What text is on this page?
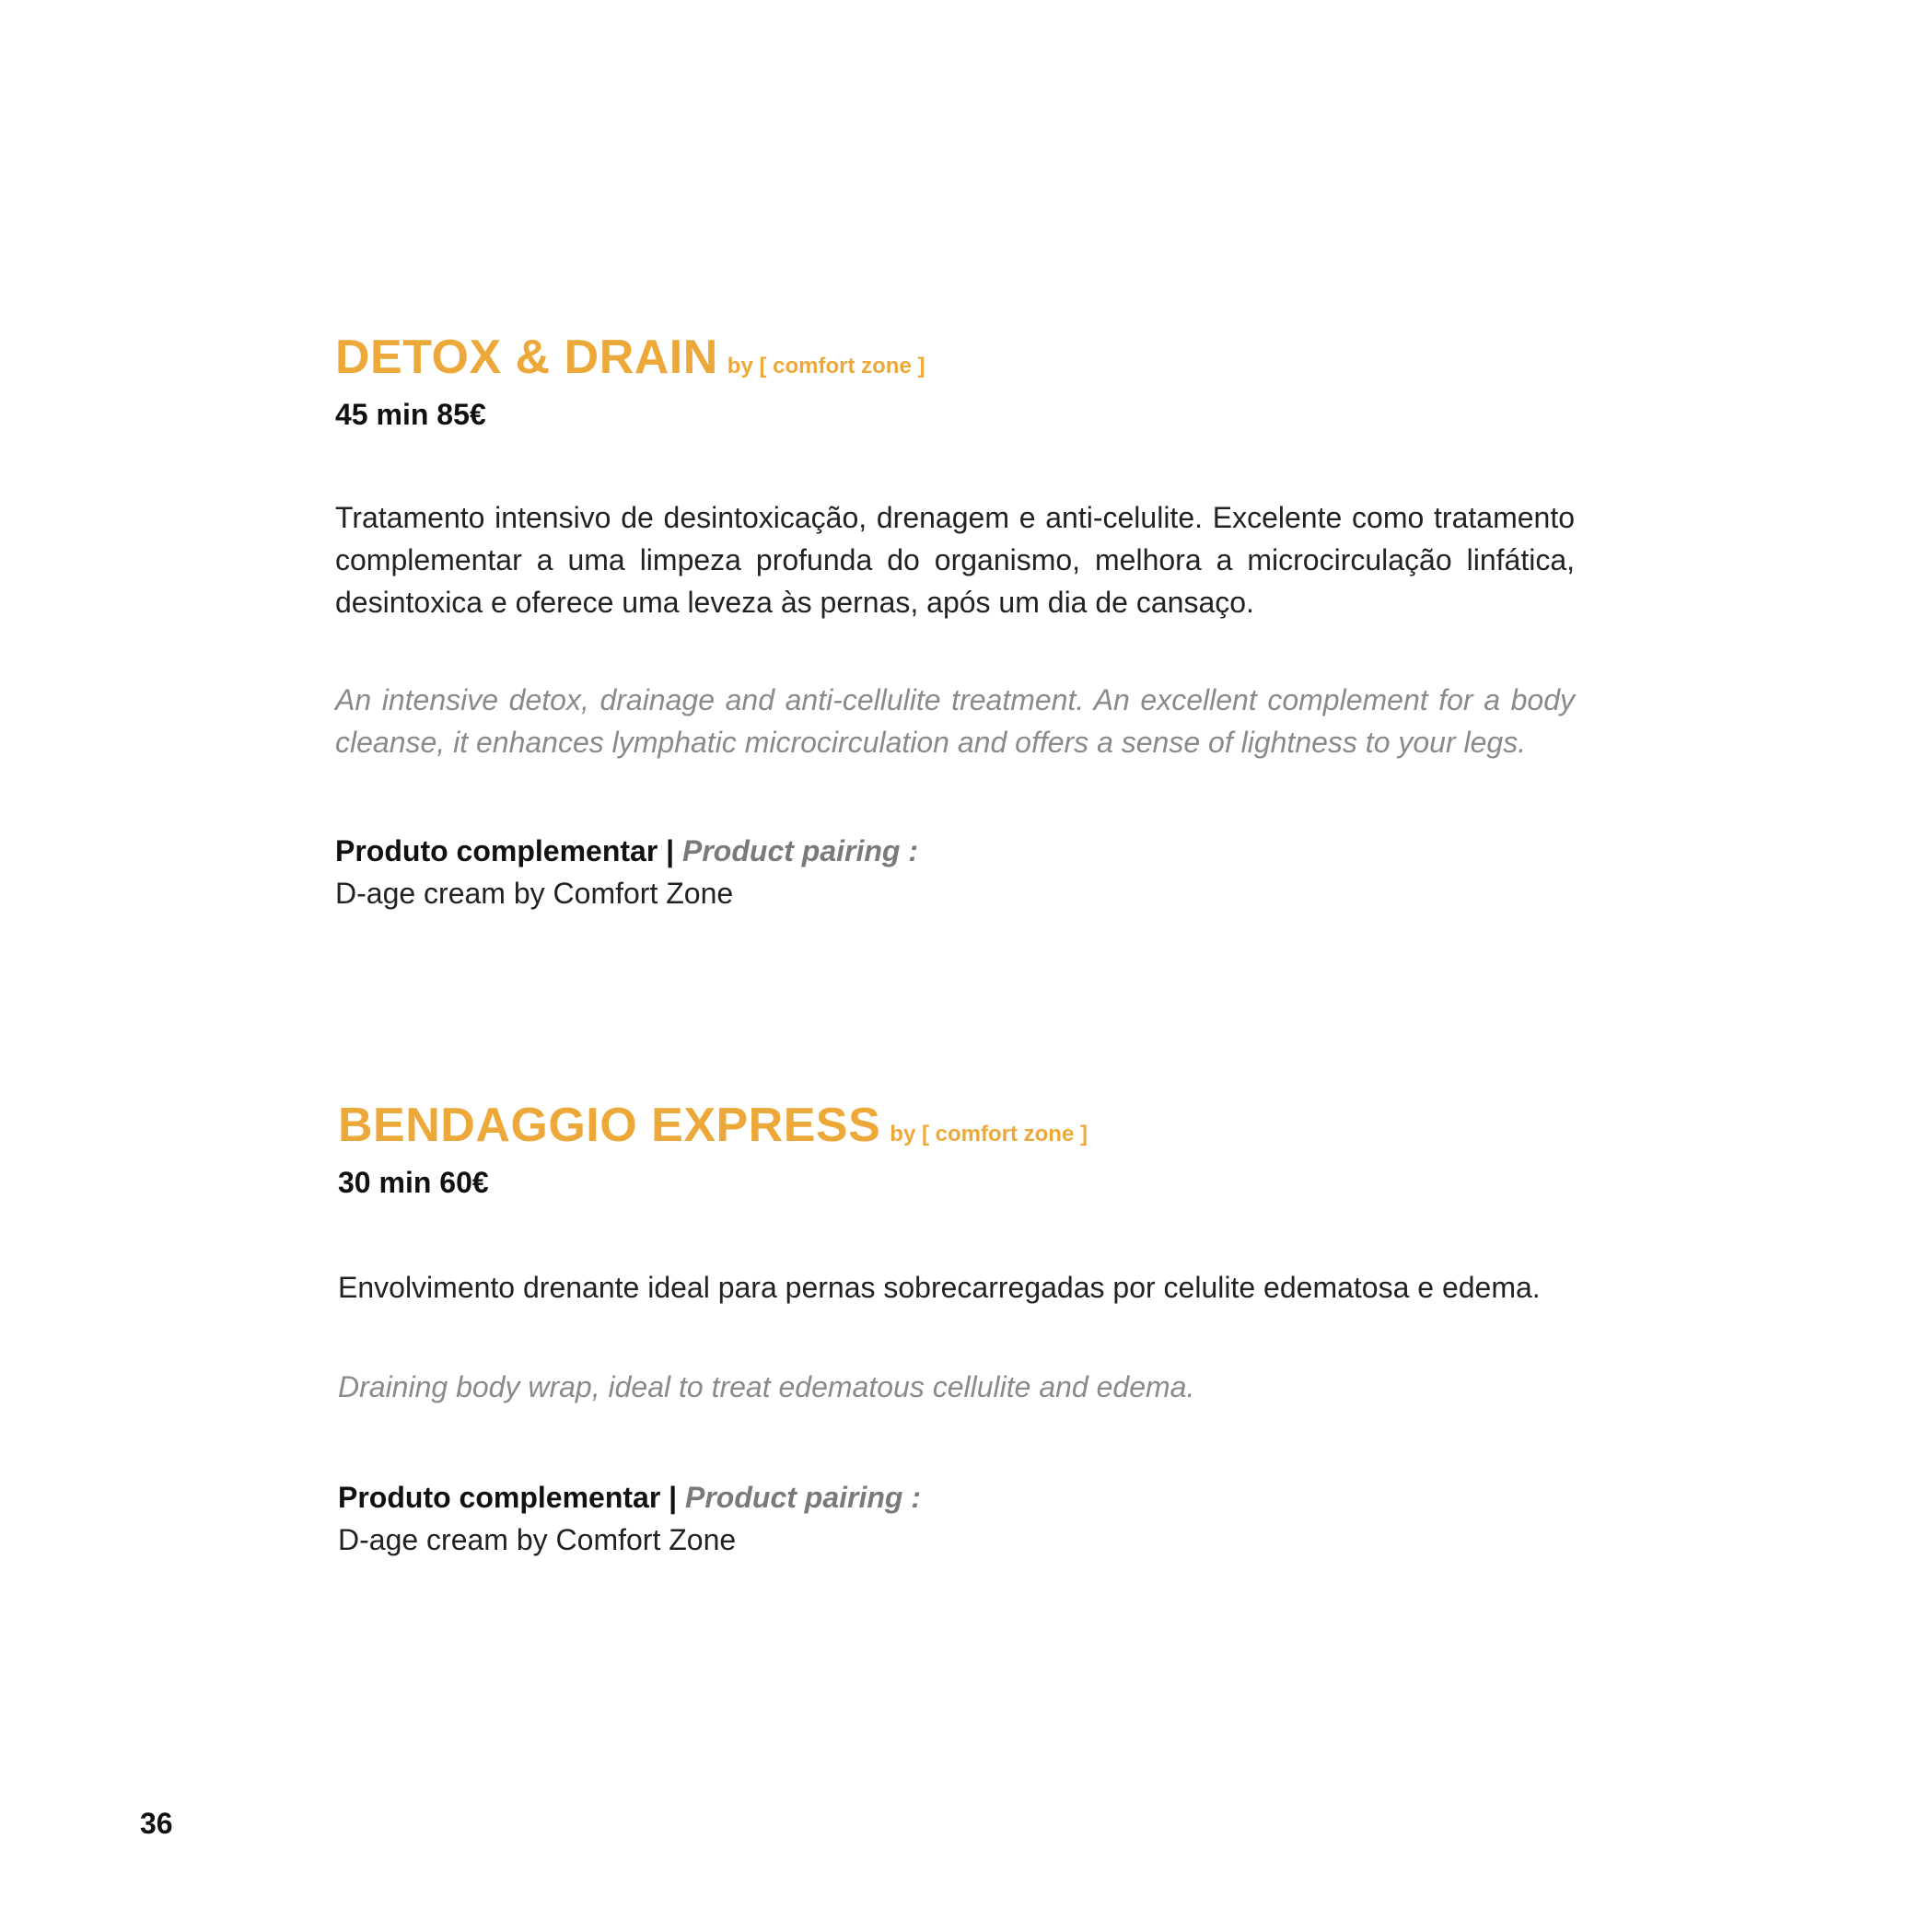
DETOX & DRAIN by [ comfort zone ]
45 min 85€
Tratamento intensivo de desintoxicação, drenagem e anti-celulite. Excelente como tratamento complementar a uma limpeza profunda do organismo, melhora a microcirculação linfática, desintoxica e oferece uma leveza às pernas, após um dia de cansaço.
An intensive detox, drainage and anti-cellulite treatment. An excellent complement for a body cleanse, it enhances lymphatic microcirculation and offers a sense of lightness to your legs.
Produto complementar | Product pairing :
D-age cream by Comfort Zone
BENDAGGIO EXPRESS by [ comfort zone ]
30 min 60€
Envolvimento drenante ideal para pernas sobrecarregadas por celulite edematosa e edema.
Draining body wrap, ideal to treat edematous cellulite and edema.
Produto complementar | Product pairing :
D-age cream by Comfort Zone
36
